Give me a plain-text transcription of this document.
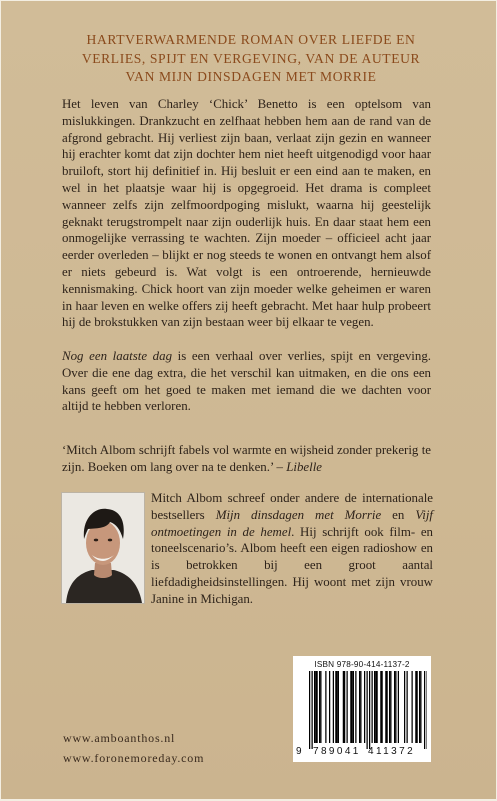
HARTVERWARMENDE ROMAN OVER LIEFDE EN
VERLIES, SPIJT EN VERGEVING, VAN DE AUTEUR
VAN MIJN DINSDAGEN MET MORRIE
Het leven van Charley ‘Chick’ Benetto is een optelsom van mislukkingen. Drankzucht en zelfhaat hebben hem aan de rand van de afgrond gebracht. Hij verliest zijn baan, verlaat zijn gezin en wanneer hij erachter komt dat zijn dochter hem niet heeft uitgenodigd voor haar bruiloft, stort hij definitief in. Hij besluit er een eind aan te maken, en wel in het plaatsje waar hij is opgegroeid. Het drama is compleet wanneer zelfs zijn zelfmoordpoging mislukt, waarna hij geestelijk geknakt terugstrompelt naar zijn ouderlijk huis. En daar staat hem een onmogelijke verrassing te wachten. Zijn moeder – officieel acht jaar eerder overleden – blijkt er nog steeds te wonen en ontvangt hem alsof er niets gebeurd is. Wat volgt is een ontroerende, hernieuwde kennismaking. Chick hoort van zijn moeder welke geheimen er waren in haar leven en welke offers zij heeft gebracht. Met haar hulp probeert hij de brokstukken van zijn bestaan weer bij elkaar te vegen.
Nog een laatste dag is een verhaal over verlies, spijt en vergeving. Over die ene dag extra, die het verschil kan uitmaken, en die ons een kans geeft om het goed te maken met iemand die we dachten voor altijd te hebben verloren.
‘Mitch Albom schrijft fabels vol warmte en wijsheid zonder prekerig te zijn. Boeken om lang over na te denken.’ – Libelle
Mitch Albom schreef onder andere de internationale bestsellers Mijn dinsdagen met Morrie en Vijf ontmoetingen in de hemel. Hij schrijft ook film- en toneelscenario’s. Albom heeft een eigen radioshow en is betrokken bij een groot aantal liefdadigheidsinstellingen. Hij woont met zijn vrouw Janine in Michigan.
ISBN 978-90-414-1137-2
9 789041 411372
www.amboanthos.nl
www.foronemoreday.com
